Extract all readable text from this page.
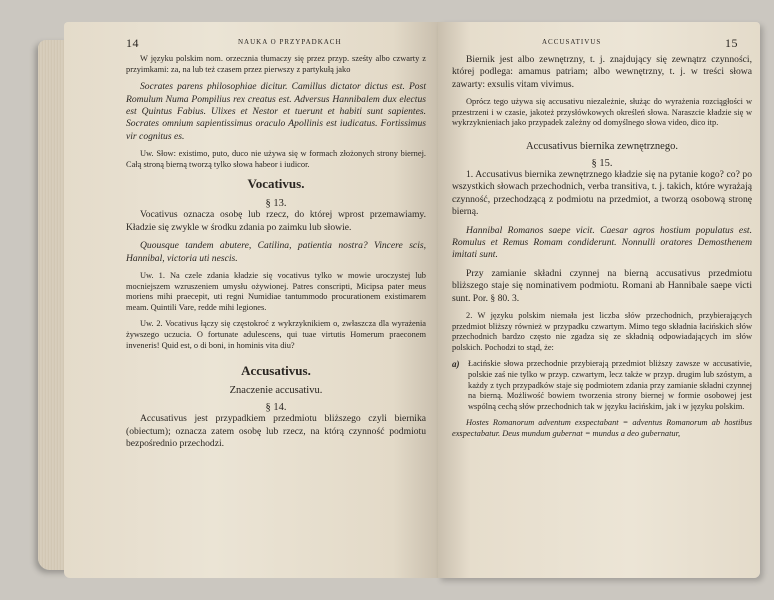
14	NAUKA O PRZYPADKACH

W języku polskim nom. orzecznia tłumaczy się przez przyp. sześty albo czwarty z przyimkami: za, na lub też czasem przez pierwszy z partykułą jako

Socrates parens philosophiae dicitur. Camillus dictator dictus est. Post Romulum Numa Pompilius rex creatus est. Adversus Hannibalem dux electus est Quintus Fabius. Ulixes et Nestor et tuerunt et habiti sunt sapientes. Socrates omnium sapientissimus oraculo Apollinis est iudicatus. Fortissimus vir cognitus es.

Uw. Słow: existimo, puto, duco nie używa się w formach złożonych strony biernej. Całą stroną bierną tworzą tylko słowa habeor i iudicor.

Vocativus.

§ 13.

Vocativus oznacza osobę lub rzecz, do której wprost przemawiamy. Kładzie się zwykle w środku zdania po zaimku lub słowie.

Quousque tandem abutere, Catilina, patientia nostra? Vincere scis, Hannibal, victoria uti nescis.

Uw. 1. Na czele zdania kładzie się vocativus tylko w mowie uroczystej lub mocniejszem wzruszeniem umysłu ożywionej. Patres conscripti, Micipsa pater meus moriens mihi praecepit, uti regni Numidiae tantummodo procurationem existimarem meam. Quintili Vare, redde mihi legiones.

Uw. 2. Vocativus łączy się częstokroć z wykrzyknikiem o, zwłaszcza dla wyrażenia żywszego uczucia. O fortunate adulescens, qui tuae virtutis Homerum praeconem inveneris! Quid est, o di boni, in hominis vita diu?

Accusativus.

Znaczenie accusativu.

§ 14.

Accusativus jest przypadkiem przedmiotu bliższego czyli biernika (obiectum); oznacza zatem osobę lub rzecz, na którą czynność podmiotu bezpośrednio przechodzi.

ACCUSATIVUS	15

Biernik jest albo zewnętrzny, t. j. znajdujący się zewnątrz czynności, której podlega: amamus patriam; albo wewnętrzny, t. j. w treści słowa zawarty: exsulis vitam vivimus.

Oprócz tego używa się accusativu niezależnie, służąc do wyrażenia rozciągłości w przestrzeni i w czasie, jakoteż przysłówkowych określeń słowa. Naraszcie kładzie się w wykrzyknieniach jako przypadek zależny od domyślnego słowa video, dico itp.

Accusativus biernika zewnętrznego.

§ 15.

1. Accusativus biernika zewnętrznego kładzie się na pytanie kogo? co? po wszystkich słowach przechodnich, verba transitiva, t. j. takich, które wyrażają czynność, przechodzącą z podmiotu na przedmiot, a tworzą osobową stronę bierną.

Hannibal Romanos saepe vicit. Caesar agros hostium populatus est. Romulus et Remus Romam condiderunt. Nonnulli oratores Demosthenem imitati sunt.

Przy zamianie składni czynnej na bierną accusativus przedmiotu bliższego staje się nominativem podmiotu. Romani ab Hannibale saepe victi sunt. Por. § 80. 3.

2. W języku polskim niemała jest liczba słów przechodnich, przybierających przedmiot bliższy również w przypadku czwartym. Mimo tego składnia łacińskich słów przechodnich bardzo często nie zgadza się ze składnią odpowiadających im słów polskich. Pochodzi to stąd, że:

a)	Łacińskie słowa przechodnie przybierają przedmiot bliższy zawsze w accusativie, polskie zaś nie tylko w przyp. czwartym, lecz także w przyp. drugim lub szóstym, a każdy z tych przypadków staje się podmiotem zdania przy zamianie składni czynnej na bierną. Możliwość bowiem tworzenia strony biernej w formie osobowej jest wspólną cechą słów przechodnich tak w języku łacińskim, jak i w języku polskim.

Hostes Romanorum adventum exspectabant = adventus Romanorum ab hostibus exspectabatur. Deus mundum gubernat = mundus a deo gubernatur,
